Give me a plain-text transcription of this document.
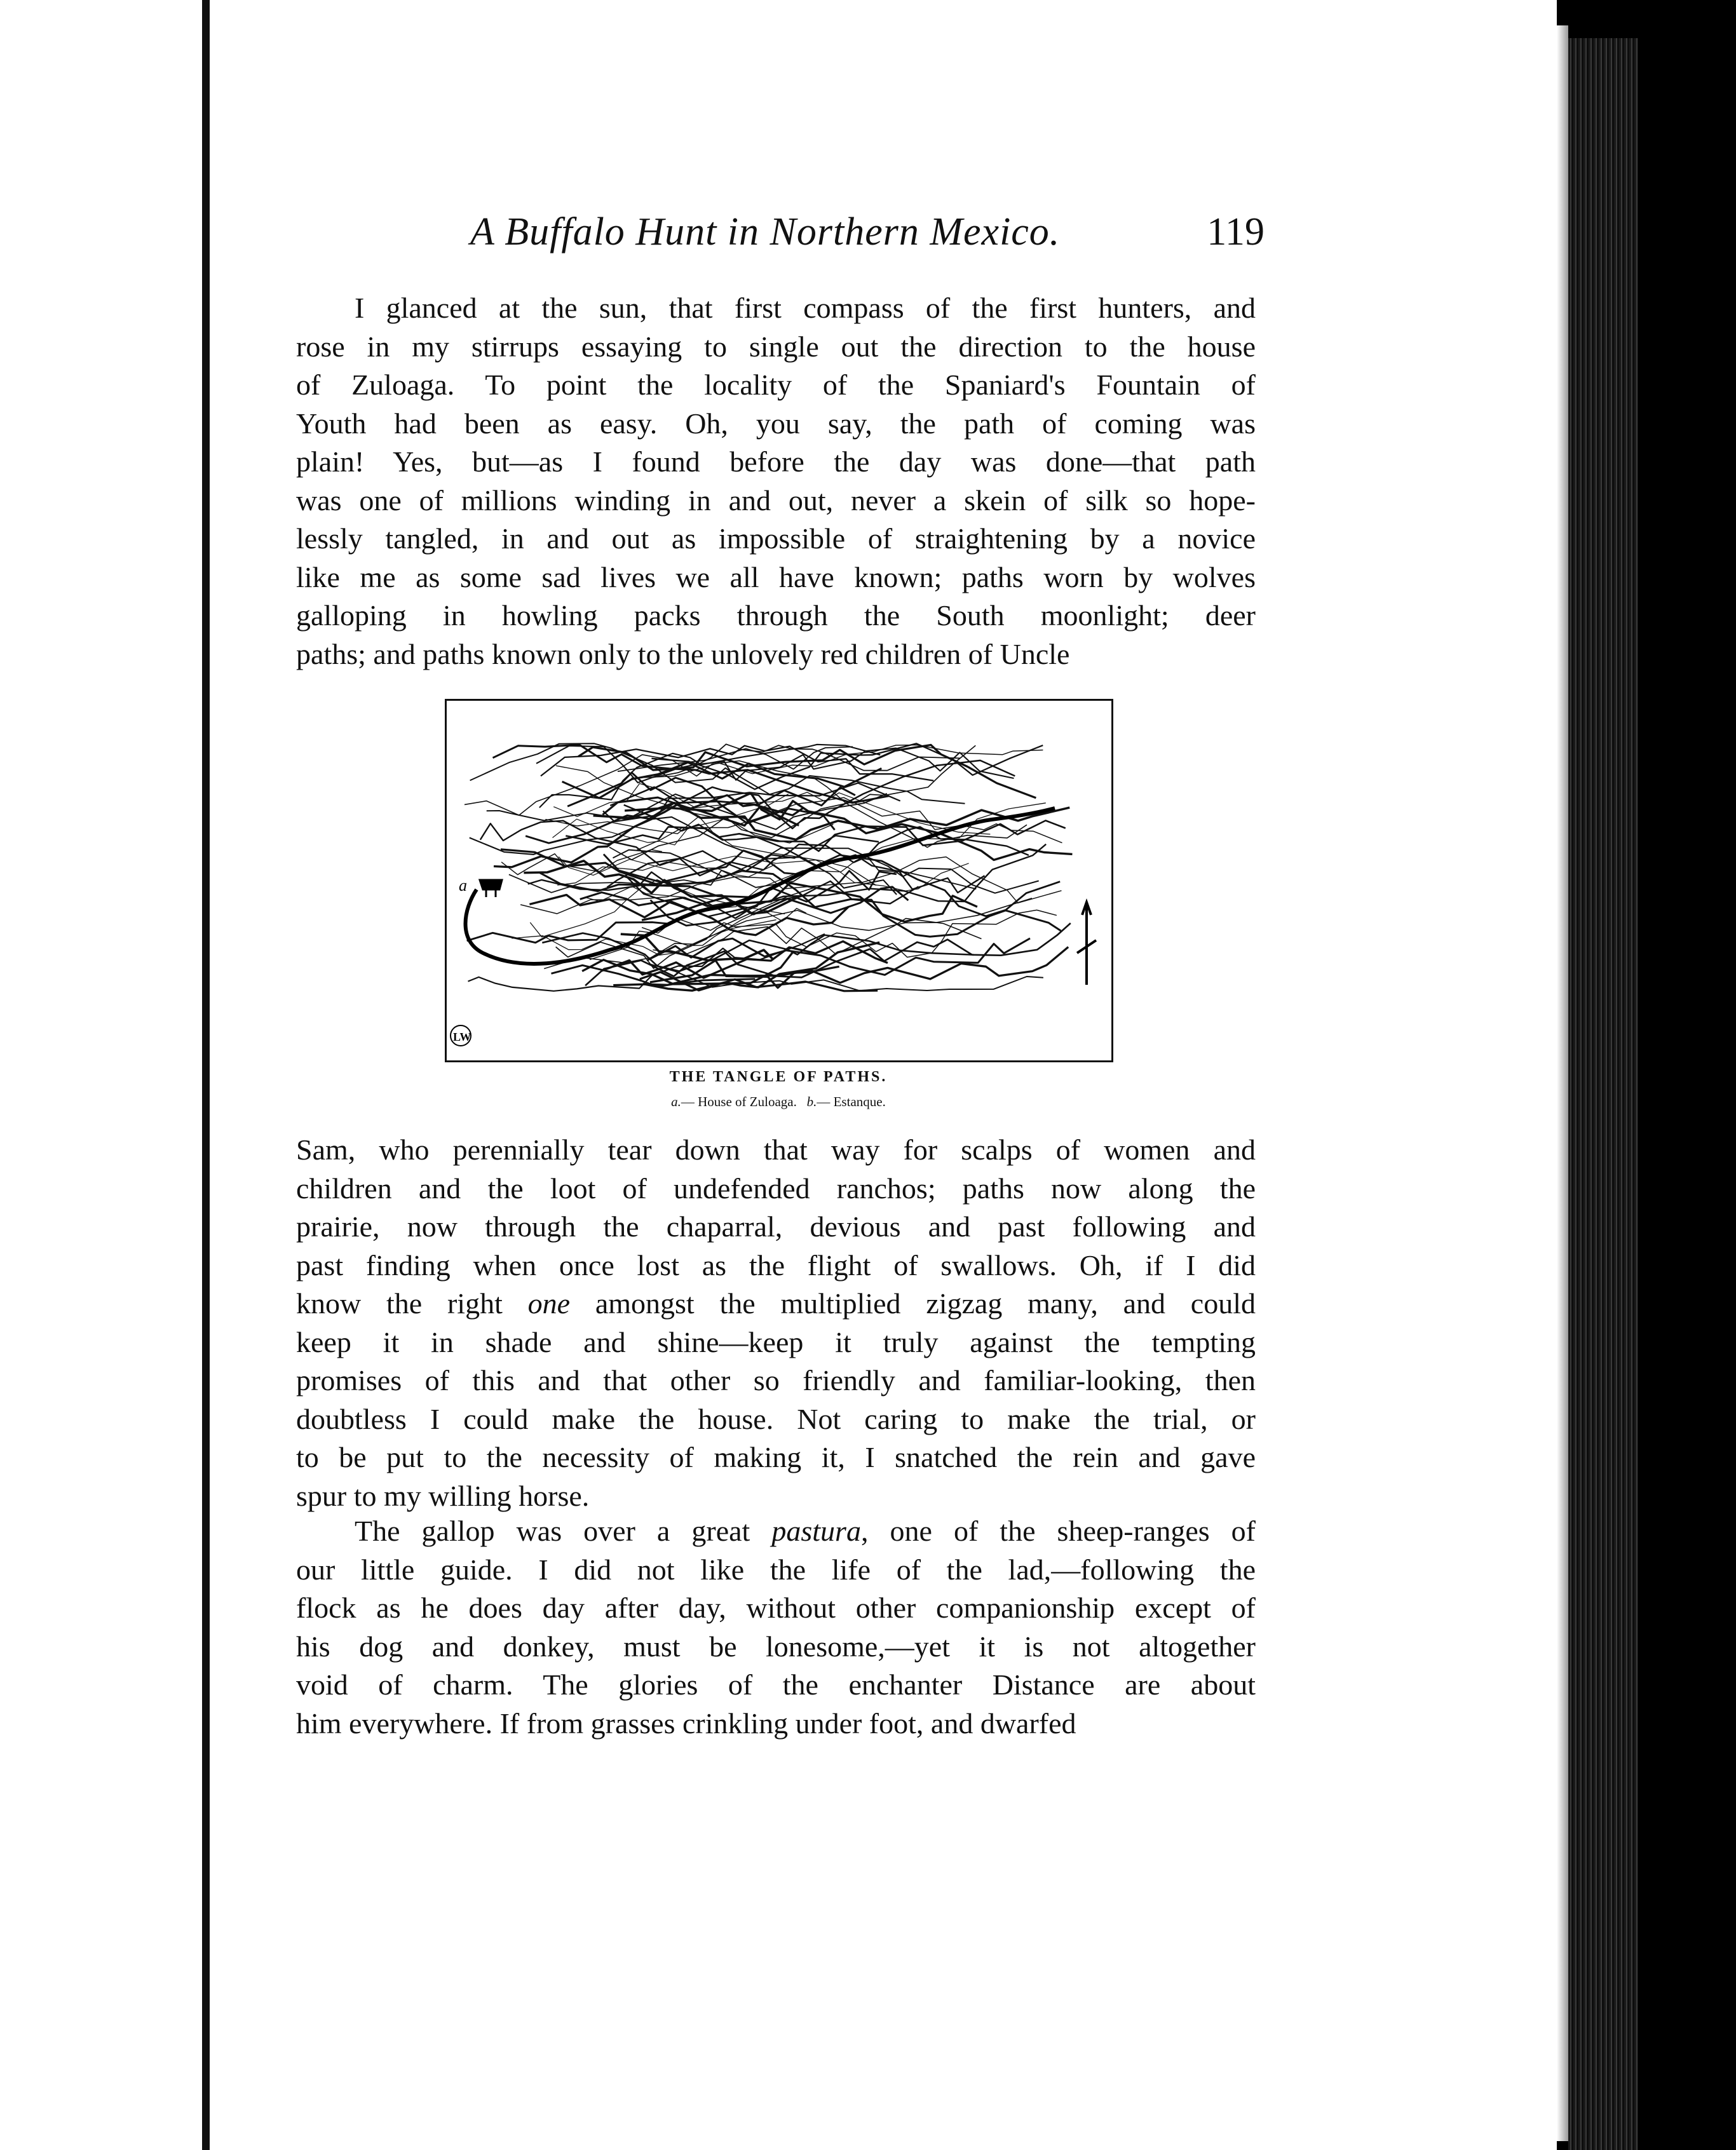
A Buffalo Hunt in Northern Mexico.	119

I glanced at the sun, that first compass of the first hunters, and
rose in my stirrups essaying to single out the direction to the house
of Zuloaga. To point the locality of the Spaniard's Fountain of
Youth had been as easy. Oh, you say, the path of coming was
plain! Yes, but—as I found before the day was done—that path
was one of millions winding in and out, never a skein of silk so hope-
lessly tangled, in and out as impossible of straightening by a novice
like me as some sad lives we all have known; paths worn by wolves
galloping in howling packs through the South moonlight; deer
paths; and paths known only to the unlovely red children of Uncle

a
LW
THE TANGLE OF PATHS.
a.— House of Zuloaga. b.— Estanque.

Sam, who perennially tear down that way for scalps of women and
children and the loot of undefended ranchos; paths now along the
prairie, now through the chaparral, devious and past following and
past finding when once lost as the flight of swallows. Oh, if I did
know the right one amongst the multiplied zigzag many, and could
keep it in shade and shine—keep it truly against the tempting
promises of this and that other so friendly and familiar-looking, then
doubtless I could make the house. Not caring to make the trial, or
to be put to the necessity of making it, I snatched the rein and gave
spur to my willing horse.

The gallop was over a great pastura, one of the sheep-ranges of
our little guide. I did not like the life of the lad,—following the
flock as he does day after day, without other companionship except of
his dog and donkey, must be lonesome,—yet it is not altogether
void of charm. The glories of the enchanter Distance are about
him everywhere. If from grasses crinkling under foot, and dwarfed
